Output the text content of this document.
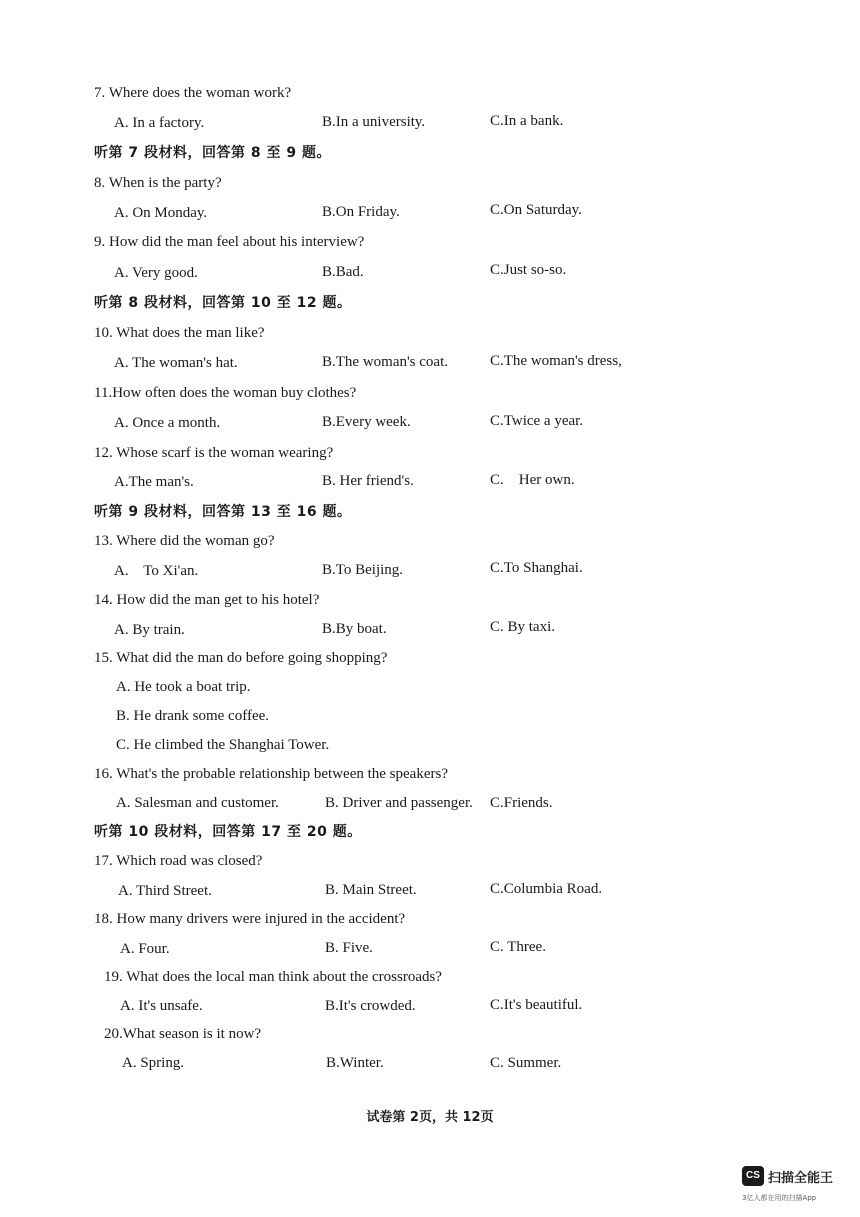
7. Where does the woman work?
A. In a factory.	B.In a university.	C.In a bank.
听第 7 段材料，回答第 8 至 9 题。
8. When is the party?
A. On Monday.	B.On Friday.	C.On Saturday.
9. How did the man feel about his interview?
A. Very good.	B.Bad.	C.Just so-so.
听第 8 段材料，回答第 10 至 12 题。
10. What does the man like?
A. The woman's hat.	B.The woman's coat.	C.The woman's dress,
11.How often does the woman buy clothes?
A. Once a month.	B.Every week.	C.Twice a year.
12. Whose scarf is the woman wearing?
A.The man's.	B. Her friend's.	C.    Her own.
听第 9 段材料，回答第 13 至 16 题。
13. Where did the woman go?
A.    To Xi'an.	B.To Beijing.	C.To Shanghai.
14. How did the man get to his hotel?
A. By train.	B.By boat.	C. By taxi.
15. What did the man do before going shopping?
A. He took a boat trip.
B. He drank some coffee.
C. He climbed the Shanghai Tower.
16. What's the probable relationship between the speakers?
A. Salesman and customer.	B. Driver and passenger. C.Friends.
听第 10 段材料，回答第 17 至 20 题。
17. Which road was closed?
A. Third Street.	B. Main Street.	C.Columbia Road.
18. How many drivers were injured in the accident?
A. Four.	B. Five.	C. Three.
19. What does the local man think about the crossroads?
A. It's unsafe.	B.It's crowded.	C.It's beautiful.
20.What season is it now?
A. Spring.	B.Winter.	C. Summer.
试卷第 2页，共 12页
CS 扫描全能王
3亿人都在用的扫描App
